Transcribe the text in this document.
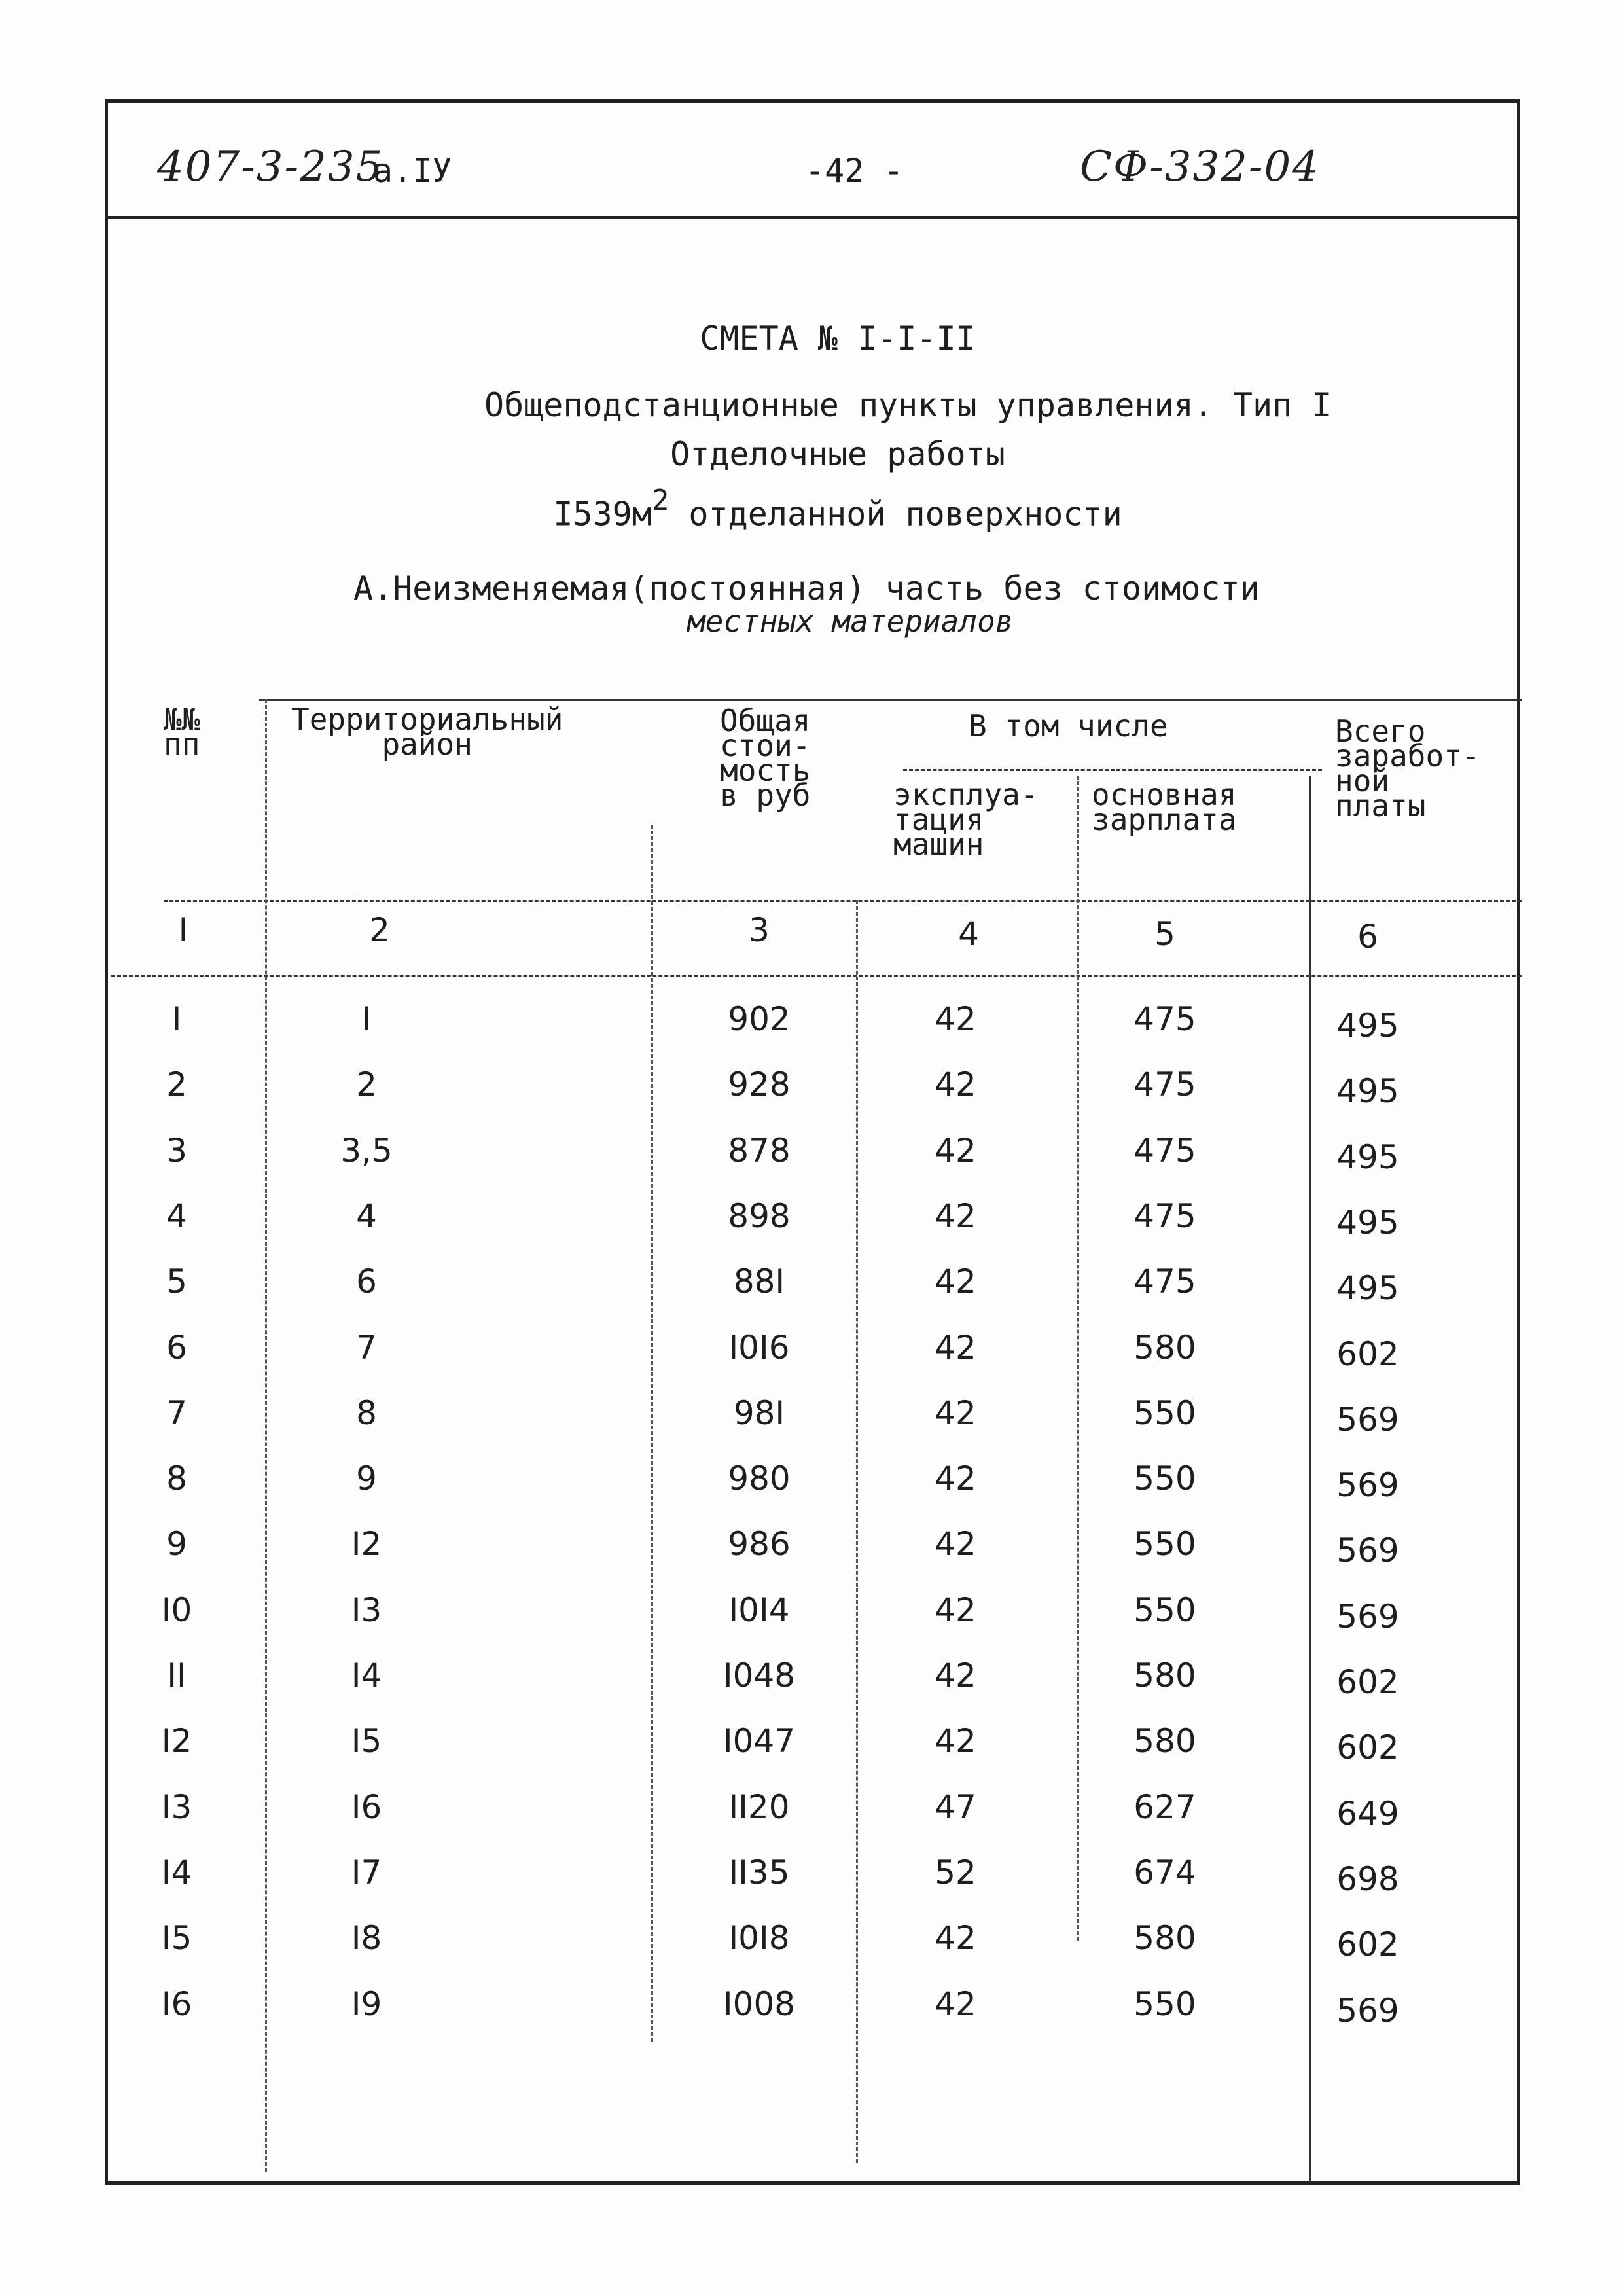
407-3-235
а.IУ	-42 -	СФ-332-04
СМЕТА № I-I-II
Общеподстанционные пункты управления. Тип I
Отделочные работы
$I539м^2$ отделанной поверхности
А.Неизменяемая(постоянная) часть без стоимости
местных материалов
№№
пп
Территориальный
район
Общая
стои-
мость
в руб
В том числе
эксплуа-
тация
машин
основная
зарплата
Всего
заработ-
ной
платы
I	2	3	4	5	6
I	I	902	42	475	495
2	2	928	42	475	495
3	3,5	878	42	475	495
4	4	898	42	475	495
5	6	88I	42	475	495
6	7	I0I6	42	580	602
7	8	98I	42	550	569
8	9	980	42	550	569
9	I2	986	42	550	569
I0	I3	I0I4	42	550	569
II	I4	I048	42	580	602
I2	I5	I047	42	580	602
I3	I6	II20	47	627	649
I4	I7	II35	52	674	698
I5	I8	I0I8	42	580	602
I6	I9	I008	42	550	569
